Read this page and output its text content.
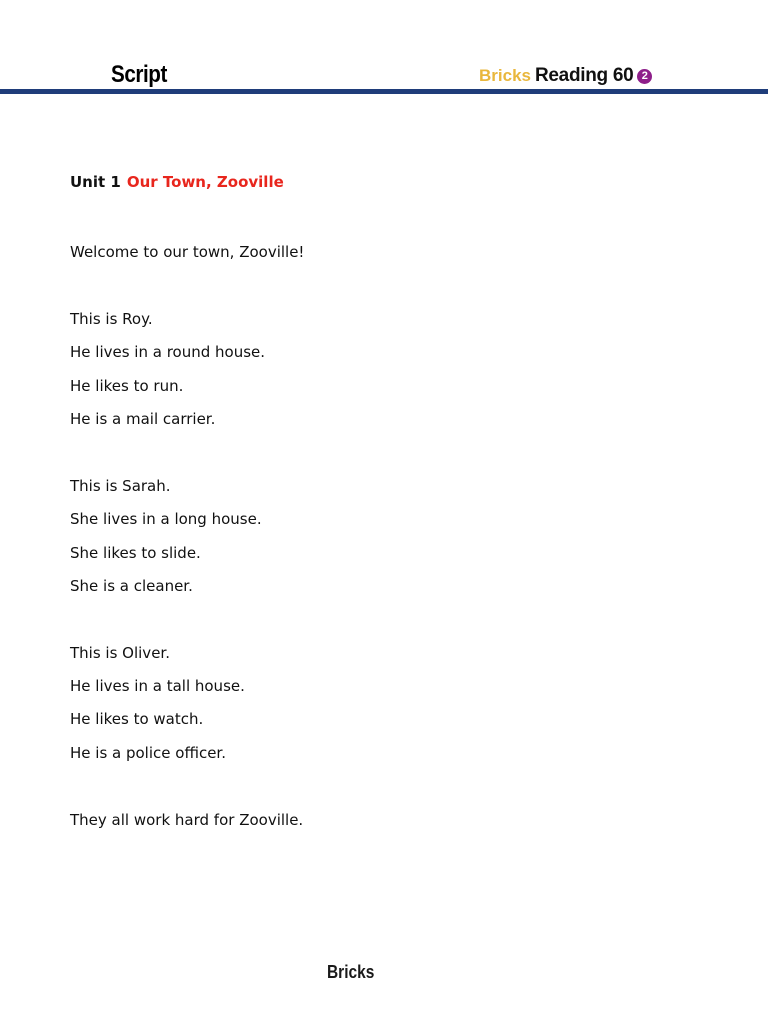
Script	Bricks Reading 60 2
Unit 1 Our Town, Zooville
Welcome to our town, Zooville!
This is Roy.
He lives in a round house.
He likes to run.
He is a mail carrier.
This is Sarah.
She lives in a long house.
She likes to slide.
She is a cleaner.
This is Oliver.
He lives in a tall house.
He likes to watch.
He is a police officer.
They all work hard for Zooville.
Bricks
